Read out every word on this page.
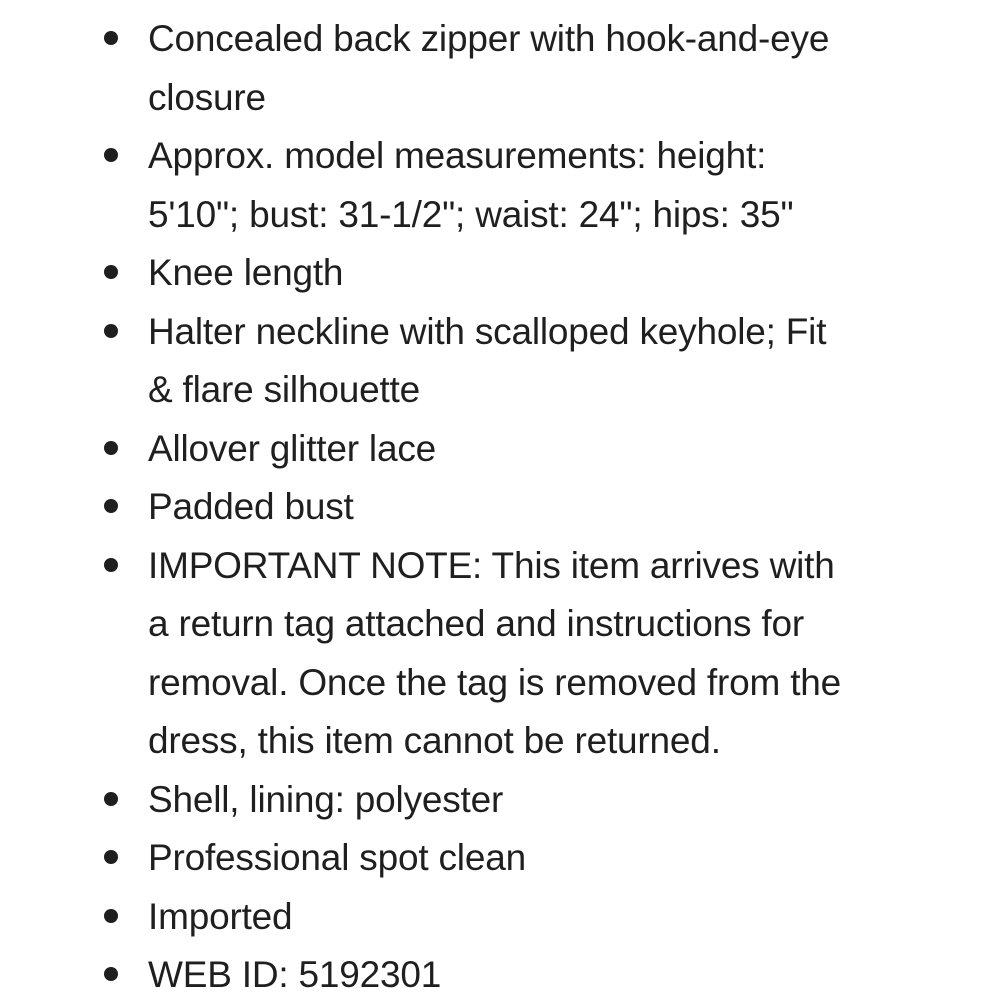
Concealed back zipper with hook-and-eye
closure
Approx. model measurements: height:
5'10"; bust: 31-1/2"; waist: 24"; hips: 35"
Knee length
Halter neckline with scalloped keyhole; Fit
& flare silhouette
Allover glitter lace
Padded bust
IMPORTANT NOTE: This item arrives with
a return tag attached and instructions for
removal. Once the tag is removed from the
dress, this item cannot be returned.
Shell, lining: polyester
Professional spot clean
Imported
WEB ID: 5192301
